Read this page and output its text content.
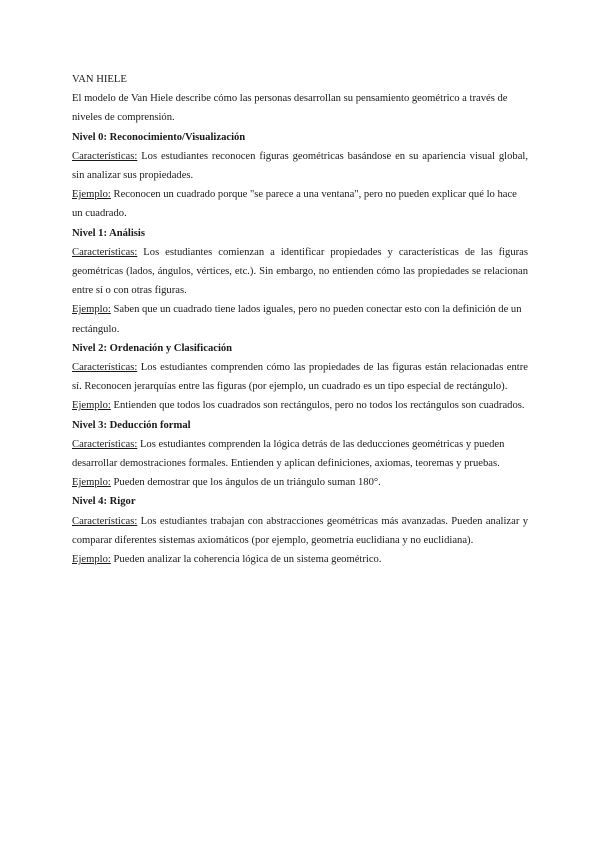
VAN HIELE

El modelo de Van Hiele describe cómo las personas desarrollan su pensamiento geométrico a través de niveles de comprensión.

Nivel 0: Reconocimiento/Visualización

Características: Los estudiantes reconocen figuras geométricas basándose en su apariencia visual global, sin analizar sus propiedades.

Ejemplo: Reconocen un cuadrado porque "se parece a una ventana", pero no pueden explicar qué lo hace un cuadrado.

Nivel 1: Análisis

Características: Los estudiantes comienzan a identificar propiedades y características de las figuras geométricas (lados, ángulos, vértices, etc.). Sin embargo, no entienden cómo las propiedades se relacionan entre sí o con otras figuras.

Ejemplo: Saben que un cuadrado tiene lados iguales, pero no pueden conectar esto con la definición de un rectángulo.

Nivel 2: Ordenación y Clasificación

Características: Los estudiantes comprenden cómo las propiedades de las figuras están relacionadas entre sí. Reconocen jerarquías entre las figuras (por ejemplo, un cuadrado es un tipo especial de rectángulo).

Ejemplo: Entienden que todos los cuadrados son rectángulos, pero no todos los rectángulos son cuadrados.

Nivel 3: Deducción formal

Características: Los estudiantes comprenden la lógica detrás de las deducciones geométricas y pueden desarrollar demostraciones formales. Entienden y aplican definiciones, axiomas, teoremas y pruebas.

Ejemplo: Pueden demostrar que los ángulos de un triángulo suman 180°.

Nivel 4: Rigor

Características: Los estudiantes trabajan con abstracciones geométricas más avanzadas. Pueden analizar y comparar diferentes sistemas axiomáticos (por ejemplo, geometría euclidiana y no euclidiana).

Ejemplo: Pueden analizar la coherencia lógica de un sistema geométrico.
